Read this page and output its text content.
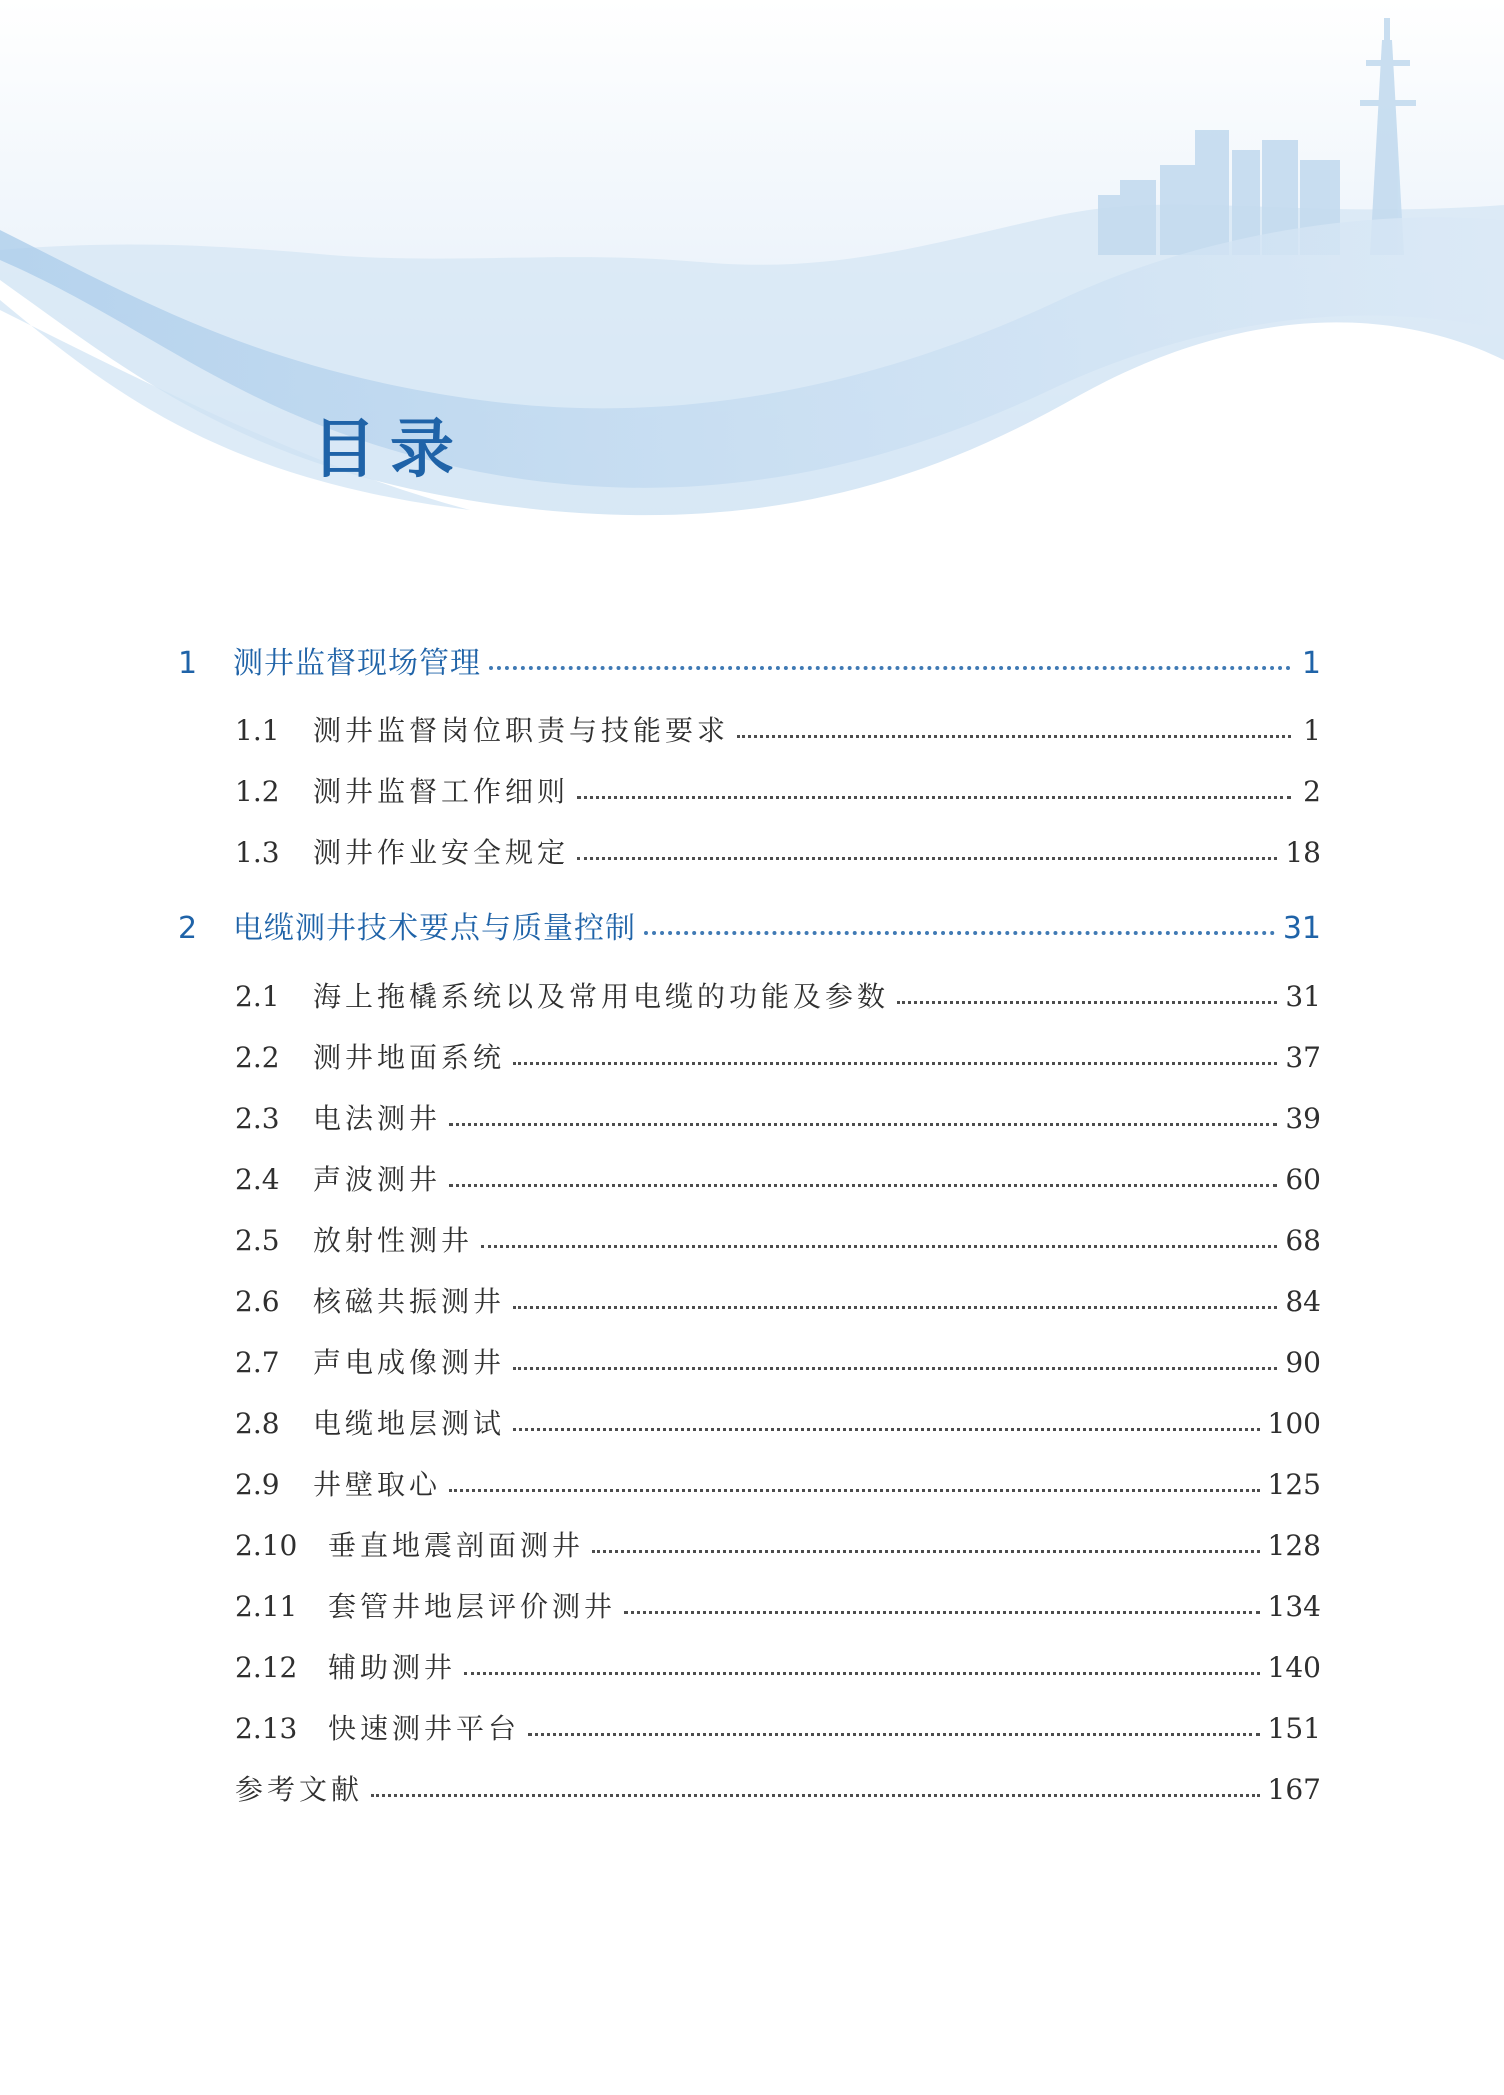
目录
1	测井监督现场管理	1
1.1	测井监督岗位职责与技能要求	1
1.2	测井监督工作细则	2
1.3	测井作业安全规定	18
2	电缆测井技术要点与质量控制	31
2.1	海上拖橇系统以及常用电缆的功能及参数	31
2.2	测井地面系统	37
2.3	电法测井	39
2.4	声波测井	60
2.5	放射性测井	68
2.6	核磁共振测井	84
2.7	声电成像测井	90
2.8	电缆地层测试	100
2.9	井壁取心	125
2.10	垂直地震剖面测井	128
2.11	套管井地层评价测井	134
2.12	辅助测井	140
2.13	快速测井平台	151
参考文献	167
